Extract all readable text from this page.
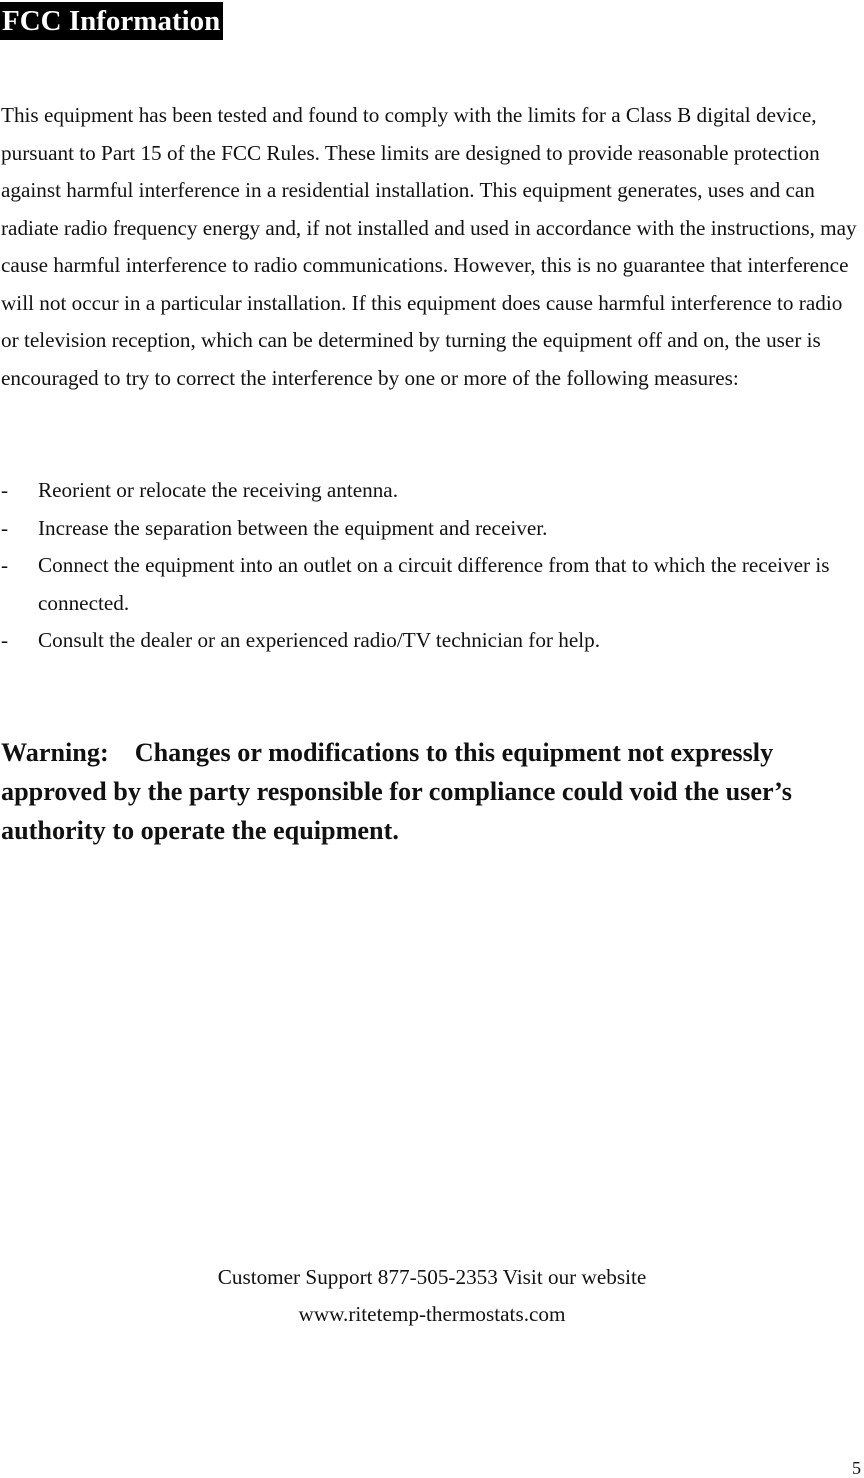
FCC Information

This equipment has been tested and found to comply with the limits for a Class B digital device, pursuant to Part 15 of the FCC Rules. These limits are designed to provide reasonable protection against harmful interference in a residential installation. This equipment generates, uses and can radiate radio frequency energy and, if not installed and used in accordance with the instructions, may cause harmful interference to radio communications. However, this is no guarantee that interference will not occur in a particular installation. If this equipment does cause harmful interference to radio or television reception, which can be determined by turning the equipment off and on, the user is encouraged to try to correct the interference by one or more of the following measures:

- Reorient or relocate the receiving antenna.
- Increase the separation between the equipment and receiver.
- Connect the equipment into an outlet on a circuit difference from that to which the receiver is connected.
- Consult the dealer or an experienced radio/TV technician for help.

Warning: Changes or modifications to this equipment not expressly approved by the party responsible for compliance could void the user’s authority to operate the equipment.

Customer Support 877-505-2353 Visit our website
www.ritetemp-thermostats.com
5
